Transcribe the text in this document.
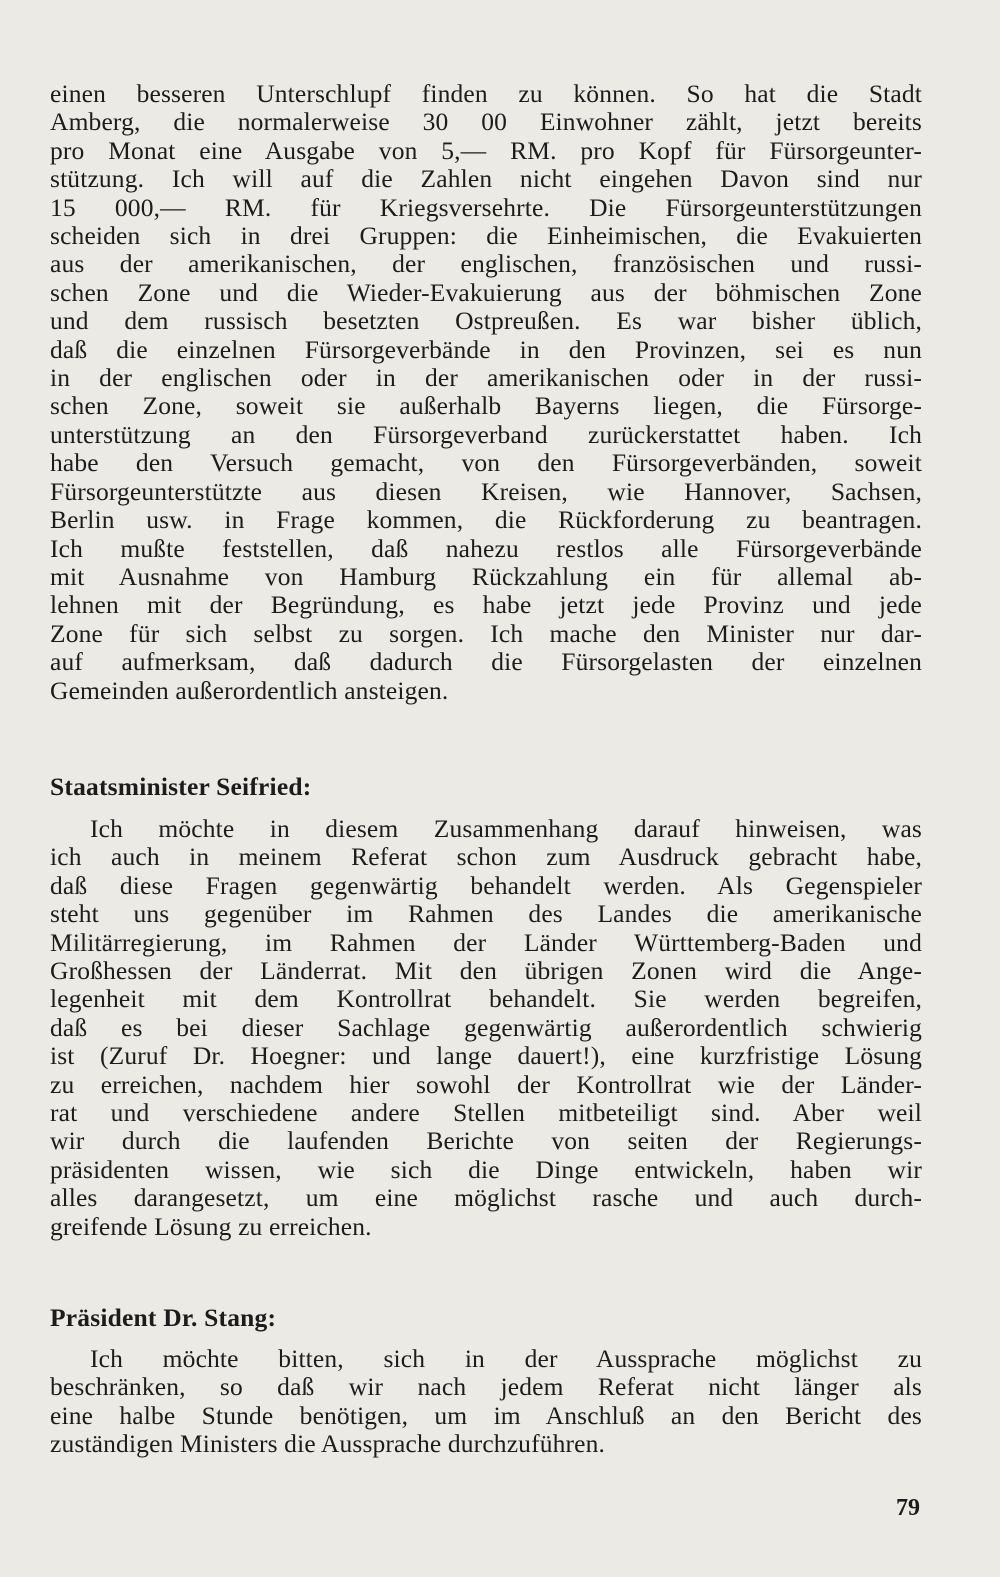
einen besseren Unterschlupf finden zu können. So hat die Stadt
Amberg, die normalerweise 30 00 Einwohner zählt, jetzt bereits
pro Monat eine Ausgabe von 5,— RM. pro Kopf für Fürsorgeunter-
stützung. Ich will auf die Zahlen nicht eingehen Davon sind nur
15 000,— RM. für Kriegsversehrte. Die Fürsorgeunterstützungen
scheiden sich in drei Gruppen: die Einheimischen, die Evakuierten
aus der amerikanischen, der englischen, französischen und russi-
schen Zone und die Wieder-Evakuierung aus der böhmischen Zone
und dem russisch besetzten Ostpreußen. Es war bisher üblich,
daß die einzelnen Fürsorgeverbände in den Provinzen, sei es nun
in der englischen oder in der amerikanischen oder in der russi-
schen Zone, soweit sie außerhalb Bayerns liegen, die Fürsorge-
unterstützung an den Fürsorgeverband zurückerstattet haben. Ich
habe den Versuch gemacht, von den Fürsorgeverbänden, soweit
Fürsorgeunterstützte aus diesen Kreisen, wie Hannover, Sachsen,
Berlin usw. in Frage kommen, die Rückforderung zu beantragen.
Ich mußte feststellen, daß nahezu restlos alle Fürsorgeverbände
mit Ausnahme von Hamburg Rückzahlung ein für allemal ab-
lehnen mit der Begründung, es habe jetzt jede Provinz und jede
Zone für sich selbst zu sorgen. Ich mache den Minister nur dar-
auf aufmerksam, daß dadurch die Fürsorgelasten der einzelnen
Gemeinden außerordentlich ansteigen.
Staatsminister Seifried:
Ich möchte in diesem Zusammenhang darauf hinweisen, was
ich auch in meinem Referat schon zum Ausdruck gebracht habe,
daß diese Fragen gegenwärtig behandelt werden. Als Gegenspieler
steht uns gegenüber im Rahmen des Landes die amerikanische
Militärregierung, im Rahmen der Länder Württemberg-Baden und
Großhessen der Länderrat. Mit den übrigen Zonen wird die Ange-
legenheit mit dem Kontrollrat behandelt. Sie werden begreifen,
daß es bei dieser Sachlage gegenwärtig außerordentlich schwierig
ist (Zuruf Dr. Hoegner: und lange dauert!), eine kurzfristige Lösung
zu erreichen, nachdem hier sowohl der Kontrollrat wie der Länder-
rat und verschiedene andere Stellen mitbeteiligt sind. Aber weil
wir durch die laufenden Berichte von seiten der Regierungs-
präsidenten wissen, wie sich die Dinge entwickeln, haben wir
alles darangesetzt, um eine möglichst rasche und auch durch-
greifende Lösung zu erreichen.
Präsident Dr. Stang:
Ich möchte bitten, sich in der Aussprache möglichst zu
beschränken, so daß wir nach jedem Referat nicht länger als
eine halbe Stunde benötigen, um im Anschluß an den Bericht des
zuständigen Ministers die Aussprache durchzuführen.
79
